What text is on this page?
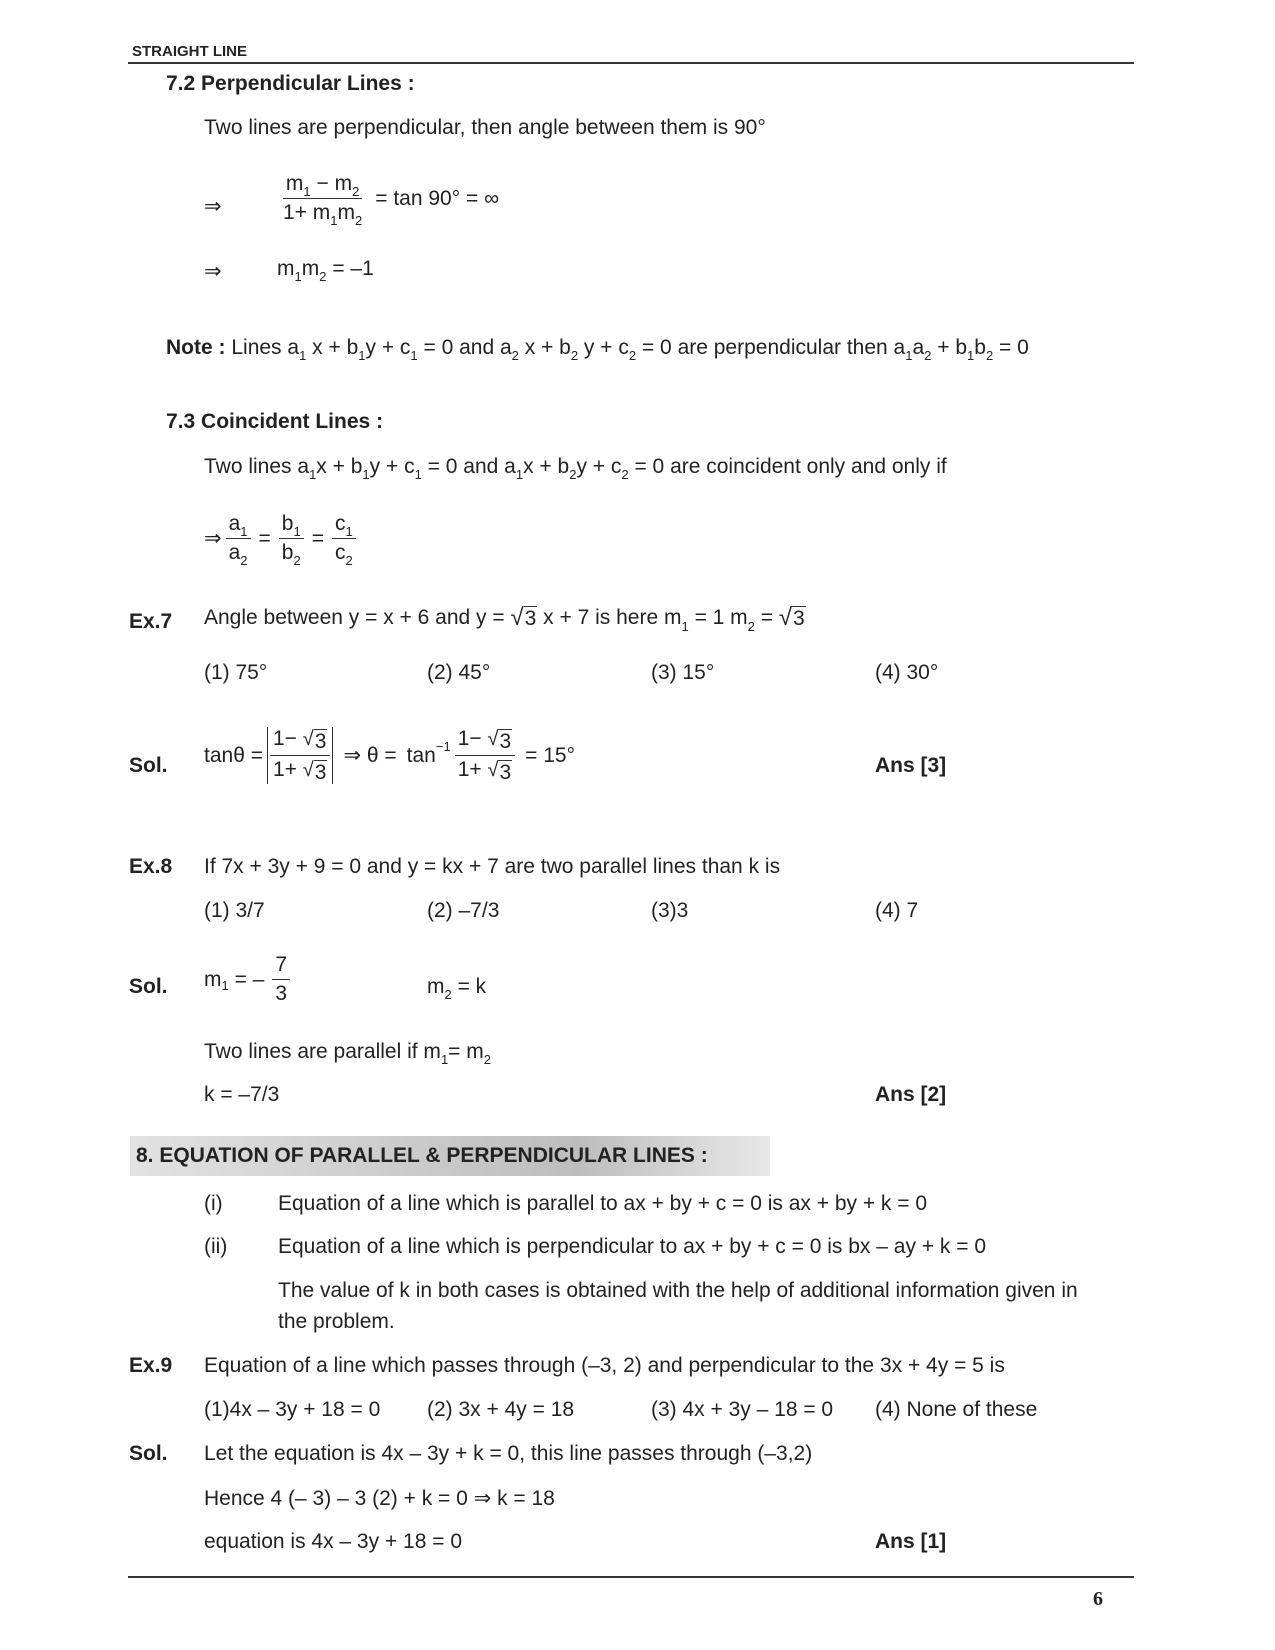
STRAIGHT LINE
7.2 Perpendicular Lines :
Two lines are perpendicular, then angle between them is 90°
⇒	$\frac{m_1 - m_2}{1+ m_1m_2} = \tan 90^\circ$ = ∞
⇒	$m_1m_2 = -1$
Note : Lines $a_1$ $x + b_1y + c_1 = 0$ and $a_2$ $x + b_2$ $y + c_2 = 0$ are perpendicular then $a_1a_2 + b_1b_2 = 0$
7.3 Coincident Lines :
Two lines $a_1x + b_1y + c_1 = 0$ and $a_1x + b_2y + c_2 = 0$ are coincident only and only if
⇒ $\frac{a_1}{a_2} = \frac{b_1}{b_2} = \frac{c_1}{c_2}$
Ex.7 Angle between y = x + 6 and y =
√ 3
x + 7 is here m 1
= 1 m 2 = √ 3
(1) 75°	(2) 45°	(3) 15°	(4) 30°
Sol. $\tan\theta = \frac{1- √ 3}{1+ √ 3}$ ⇒ $\theta = \tan -1 \frac{1- √ 3}{1+ √ 3} = 15^\circ$	Ans [3]
Ex.8 If 7x + 3y + 9 = 0 and y = kx + 7 are two parallel lines than k is
(1) 3/7	(2) –7/3	(3)3	(4) 7
Sol. m 1 = – $\frac{7}{3}$	$m_2 = k$
Two lines are parallel if $m_1= m_2$
k = –7/3	Ans [2]
8. EQUATION OF PARALLEL & PERPENDICULAR LINES :
(i)	Equation of a line which is parallel to ax + by + c = 0 is ax + by + k = 0
(ii) Equation of a line which is perpendicular to ax + by + c = 0 is bx – ay + k = 0
The value of k in both cases is obtained with the help of additional information given in
the problem.
Ex.9 Equation of a line which passes through (–3, 2) and perpendicular to the 3x + 4y = 5 is
(1)4x – 3y + 18 = 0 (2) 3x + 4y = 18	(3) 4x + 3y – 18 = 0 (4) None of these
Sol. Let the equation is 4x – 3y + k = 0, this line passes through (–3,2)
Hence 4 (– 3) – 3 (2) + k = 0 ⇒ k = 18
equation is 4x – 3y + 18 = 0	Ans [1]
6
